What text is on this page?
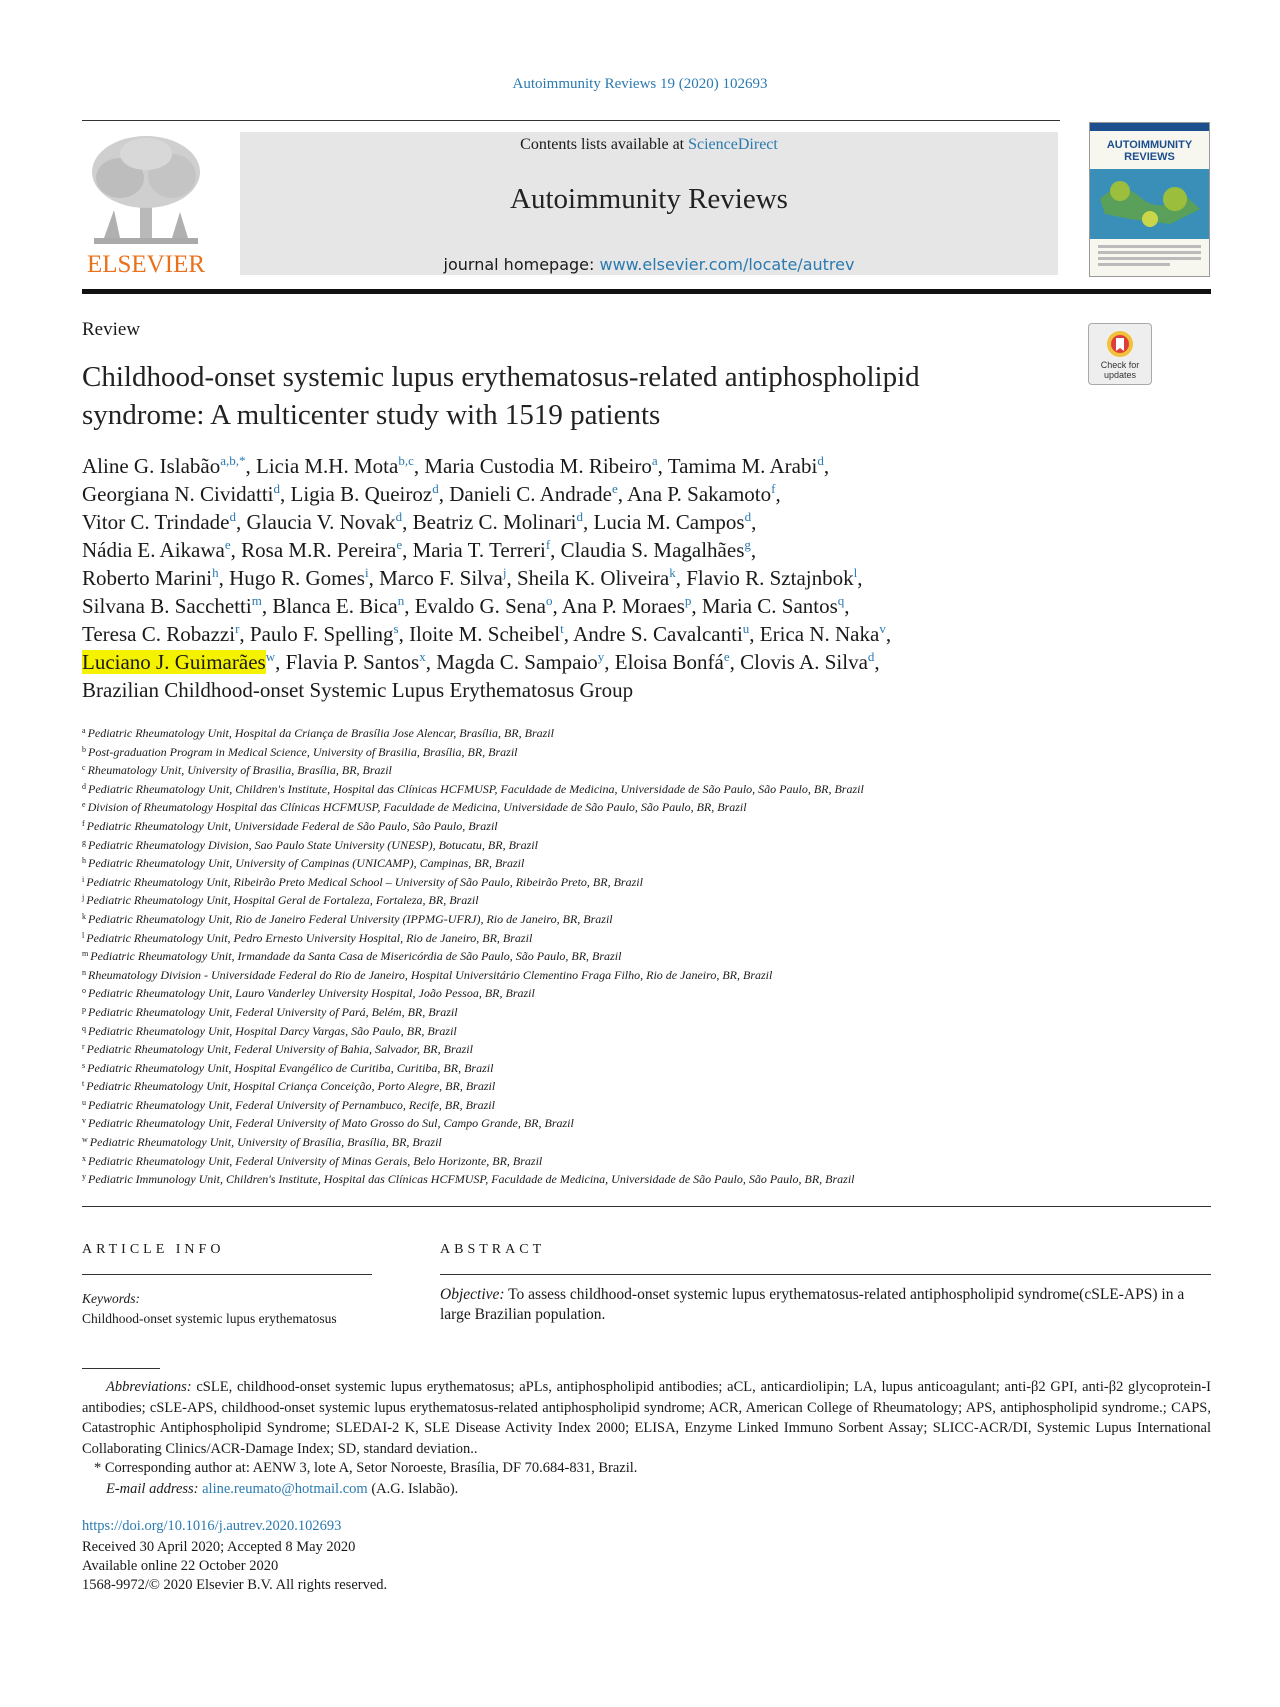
Autoimmunity Reviews 19 (2020) 102693
ELSEVIER
Contents lists available at ScienceDirect
Autoimmunity Reviews
journal homepage: www.elsevier.com/locate/autrev
AUTOIMMUNITY
REVIEWS
Review
Childhood-onset systemic lupus erythematosus-related antiphospholipid
syndrome: A multicenter study with 1519 patients
Check for
updates
Aline G. Islabão$^{a,b,*}$, Licia M.H. Mota$^{b,c}$, Maria Custodia M. Ribeiro$^a$, Tamima M. Arabi$^d$,
Georgiana N. Cividatti$^d$, Ligia B. Queiroz$^d$, Danieli C. Andrade$^e$, Ana P. Sakamoto$^f$,
Vitor C. Trindade$^d$, Glaucia V. Novak$^d$, Beatriz C. Molinari$^d$, Lucia M. Campos$^d$,
Nádia E. Aikawa$^e$, Rosa M.R. Pereira$^e$, Maria T. Terreri$^f$, Claudia S. Magalhães$^g$,
Roberto Marini$^h$, Hugo R. Gomes$^i$, Marco F. Silva$^j$, Sheila K. Oliveira$^k$, Flavio R. Sztajnbok$^l$,
Silvana B. Sacchetti$^m$, Blanca E. Bica$^n$, Evaldo G. Sena$^o$, Ana P. Moraes$^p$, Maria C. Santos$^q$,
Teresa C. Robazzi$^r$, Paulo F. Spelling$^s$, Iloite M. Scheibel$^t$, Andre S. Cavalcanti$^u$, Erica N. Naka$^v$,
Luciano J. Guimarães$^w$, Flavia P. Santos$^x$, Magda C. Sampaio$^y$, Eloisa Bonfá$^e$, Clovis A. Silva$^d$,
Brazilian Childhood-onset Systemic Lupus Erythematosus Group
$^a$ Pediatric Rheumatology Unit, Hospital da Criança de Brasília Jose Alencar, Brasília, BR, Brazil
$^b$ Post-graduation Program in Medical Science, University of Brasilia, Brasília, BR, Brazil
$^c$ Rheumatology Unit, University of Brasilia, Brasília, BR, Brazil
$^d$ Pediatric Rheumatology Unit, Children's Institute, Hospital das Clínicas HCFMUSP, Faculdade de Medicina, Universidade de São Paulo, São Paulo, BR, Brazil
$^e$ Division of Rheumatology Hospital das Clínicas HCFMUSP, Faculdade de Medicina, Universidade de São Paulo, São Paulo, BR, Brazil
$^f$ Pediatric Rheumatology Unit, Universidade Federal de São Paulo, São Paulo, Brazil
$^g$ Pediatric Rheumatology Division, Sao Paulo State University (UNESP), Botucatu, BR, Brazil
$^h$ Pediatric Rheumatology Unit, University of Campinas (UNICAMP), Campinas, BR, Brazil
$^i$ Pediatric Rheumatology Unit, Ribeirão Preto Medical School – University of São Paulo, Ribeirão Preto, BR, Brazil
$^j$ Pediatric Rheumatology Unit, Hospital Geral de Fortaleza, Fortaleza, BR, Brazil
$^k$ Pediatric Rheumatology Unit, Rio de Janeiro Federal University (IPPMG-UFRJ), Rio de Janeiro, BR, Brazil
$^l$ Pediatric Rheumatology Unit, Pedro Ernesto University Hospital, Rio de Janeiro, BR, Brazil
$^m$ Pediatric Rheumatology Unit, Irmandade da Santa Casa de Misericórdia de São Paulo, São Paulo, BR, Brazil
$^n$ Rheumatology Division - Universidade Federal do Rio de Janeiro, Hospital Universitário Clementino Fraga Filho, Rio de Janeiro, BR, Brazil
$^o$ Pediatric Rheumatology Unit, Lauro Vanderley University Hospital, João Pessoa, BR, Brazil
$^p$ Pediatric Rheumatology Unit, Federal University of Pará, Belém, BR, Brazil
$^q$ Pediatric Rheumatology Unit, Hospital Darcy Vargas, São Paulo, BR, Brazil
$^r$ Pediatric Rheumatology Unit, Federal University of Bahia, Salvador, BR, Brazil
$^s$ Pediatric Rheumatology Unit, Hospital Evangélico de Curitiba, Curitiba, BR, Brazil
$^t$ Pediatric Rheumatology Unit, Hospital Criança Conceição, Porto Alegre, BR, Brazil
$^u$ Pediatric Rheumatology Unit, Federal University of Pernambuco, Recife, BR, Brazil
$^v$ Pediatric Rheumatology Unit, Federal University of Mato Grosso do Sul, Campo Grande, BR, Brazil
$^w$ Pediatric Rheumatology Unit, University of Brasília, Brasília, BR, Brazil
$^x$ Pediatric Rheumatology Unit, Federal University of Minas Gerais, Belo Horizonte, BR, Brazil
$^y$ Pediatric Immunology Unit, Children's Institute, Hospital das Clínicas HCFMUSP, Faculdade de Medicina, Universidade de São Paulo, São Paulo, BR, Brazil
ARTICLE INFO	ABSTRACT
Keywords:
Childhood-onset systemic lupus erythematosus
Objective: To assess childhood-onset systemic lupus erythematosus-related antiphospholipid syndrome(cSLE-APS) in a large Brazilian population.
Abbreviations: cSLE, childhood-onset systemic lupus erythematosus; aPLs, antiphospholipid antibodies; aCL, anticardiolipin; LA, lupus anticoagulant; anti-β2 GPI, anti-β2 glycoprotein-I antibodies; cSLE-APS, childhood-onset systemic lupus erythematosus-related antiphospholipid syndrome; ACR, American College of Rheumatology; APS, antiphospholipid syndrome.; CAPS, Catastrophic Antiphospholipid Syndrome; SLEDAI-2 K, SLE Disease Activity Index 2000; ELISA, Enzyme Linked Immuno Sorbent Assay; SLICC-ACR/DI, Systemic Lupus International Collaborating Clinics/ACR-Damage Index; SD, standard deviation..
* Corresponding author at: AENW 3, lote A, Setor Noroeste, Brasília, DF 70.684-831, Brazil.
E-mail address: aline.reumato@hotmail.com (A.G. Islabão).
https://doi.org/10.1016/j.autrev.2020.102693
Received 30 April 2020; Accepted 8 May 2020
Available online 22 October 2020
1568-9972/© 2020 Elsevier B.V. All rights reserved.
